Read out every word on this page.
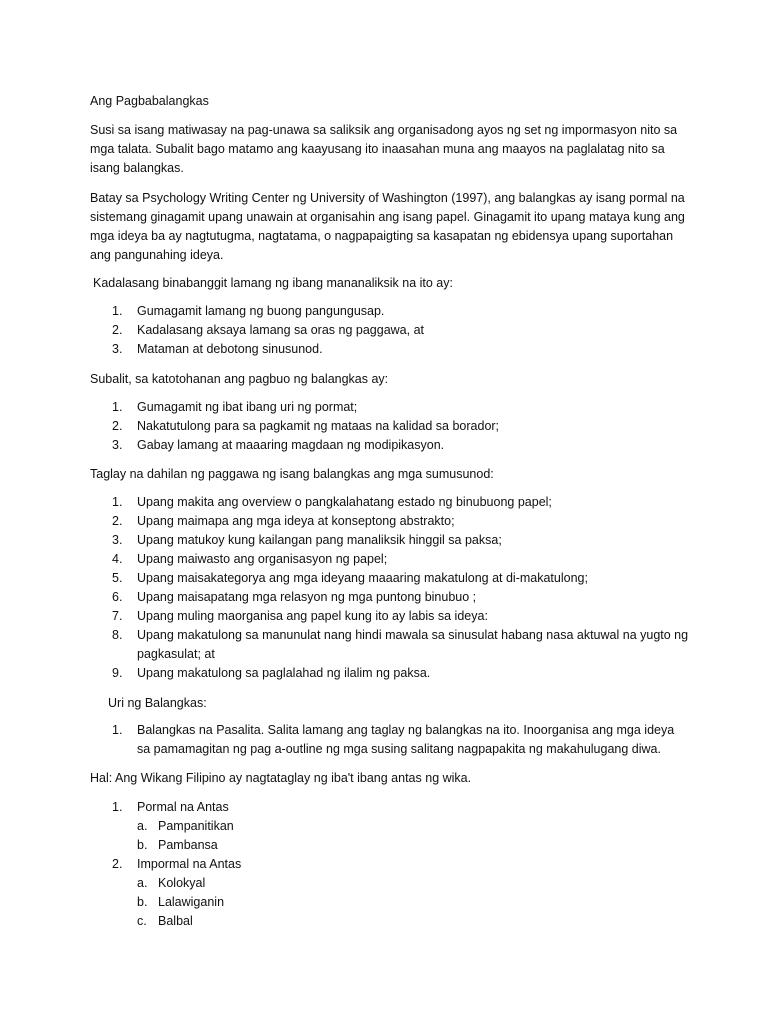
Ang Pagbabalangkas

Susi sa isang matiwasay na pag-unawa sa saliksik ang organisadong ayos ng set ng impormasyon nito sa mga talata. Subalit bago matamo ang kaayusang ito inaasahan muna ang maayos na paglalatag nito sa isang balangkas.

Batay sa Psychology Writing Center ng University of Washington (1997), ang balangkas ay isang pormal na sistemang ginagamit upang unawain at organisahin ang isang papel. Ginagamit ito upang mataya kung ang mga ideya ba ay nagtutugma, nagtatama, o nagpapaigting sa kasapatan ng ebidensya upang suportahan ang pangunahing ideya.

Kadalasang binabanggit lamang ng ibang mananaliksik na ito ay:

1. Gumagamit lamang ng buong pangungusap.
2. Kadalasang aksaya lamang sa oras ng paggawa, at
3. Mataman at debotong sinusunod.

Subalit, sa katotohanan ang pagbuo ng balangkas ay:

1. Gumagamit ng ibat ibang uri ng pormat;
2. Nakatutulong para sa pagkamit ng mataas na kalidad sa borador;
3. Gabay lamang at maaaring magdaan ng modipikasyon.

Taglay na dahilan ng paggawa ng isang balangkas ang mga sumusunod:

1. Upang makita ang overview o pangkalahatang estado ng binubuong papel;
2. Upang maimapa ang mga ideya at konseptong abstrakto;
3. Upang matukoy kung kailangan pang manaliksik hinggil sa paksa;
4. Upang maiwasto ang organisasyon ng papel;
5. Upang maisakategorya ang mga ideyang maaaring makatulong at di-makatulong;
6. Upang maisapatang mga relasyon ng mga puntong binubuo ;
7. Upang muling maorganisa ang papel kung ito ay labis sa ideya:
8. Upang makatulong sa manunulat nang hindi mawala sa sinusulat habang nasa aktuwal na yugto ng pagkasulat; at
9. Upang makatulong sa paglalahad ng ilalim ng paksa.

Uri ng Balangkas:

1. Balangkas na Pasalita. Salita lamang ang taglay ng balangkas na ito. Inoorganisa ang mga ideya sa pamamagitan ng pag a-outline ng mga susing salitang nagpapakita ng makahulugang diwa.

Hal: Ang Wikang Filipino ay nagtataglay ng iba't ibang antas ng wika.

1. Pormal na Antas
a. Pampanitikan
b. Pambansa
2. Impormal na Antas
a. Kolokyal
b. Lalawiganin
c. Balbal
